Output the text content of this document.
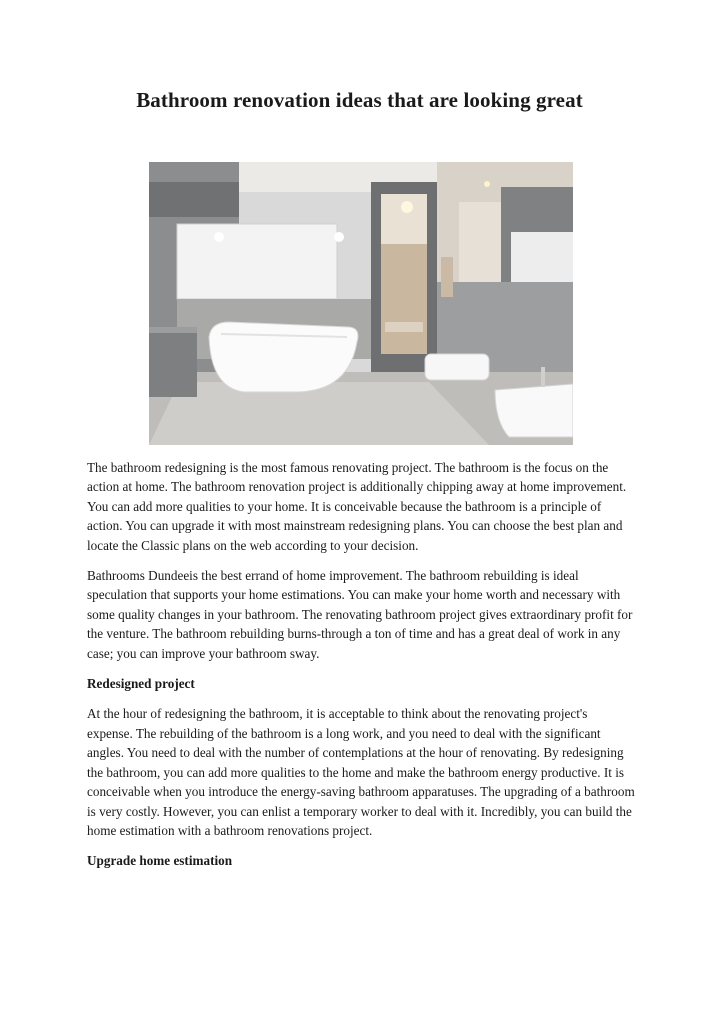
Bathroom renovation ideas that are looking great

The bathroom redesigning is the most famous renovating project. The bathroom is the focus on the action at home. The bathroom renovation project is additionally chipping away at home improvement. You can add more qualities to your home. It is conceivable because the bathroom is a principle of action. You can upgrade it with most mainstream redesigning plans. You can choose the best plan and locate the Classic plans on the web according to your decision.

Bathrooms Dundeeis the best errand of home improvement. The bathroom rebuilding is ideal speculation that supports your home estimations. You can make your home worth and necessary with some quality changes in your bathroom. The renovating bathroom project gives extraordinary profit for the venture. The bathroom rebuilding burns-through a ton of time and has a great deal of work in any case; you can improve your bathroom sway.

Redesigned project

At the hour of redesigning the bathroom, it is acceptable to think about the renovating project's expense. The rebuilding of the bathroom is a long work, and you need to deal with the significant angles. You need to deal with the number of contemplations at the hour of renovating. By redesigning the bathroom, you can add more qualities to the home and make the bathroom energy productive. It is conceivable when you introduce the energy-saving bathroom apparatuses. The upgrading of a bathroom is very costly. However, you can enlist a temporary worker to deal with it. Incredibly, you can build the home estimation with a bathroom renovations project.

Upgrade home estimation
